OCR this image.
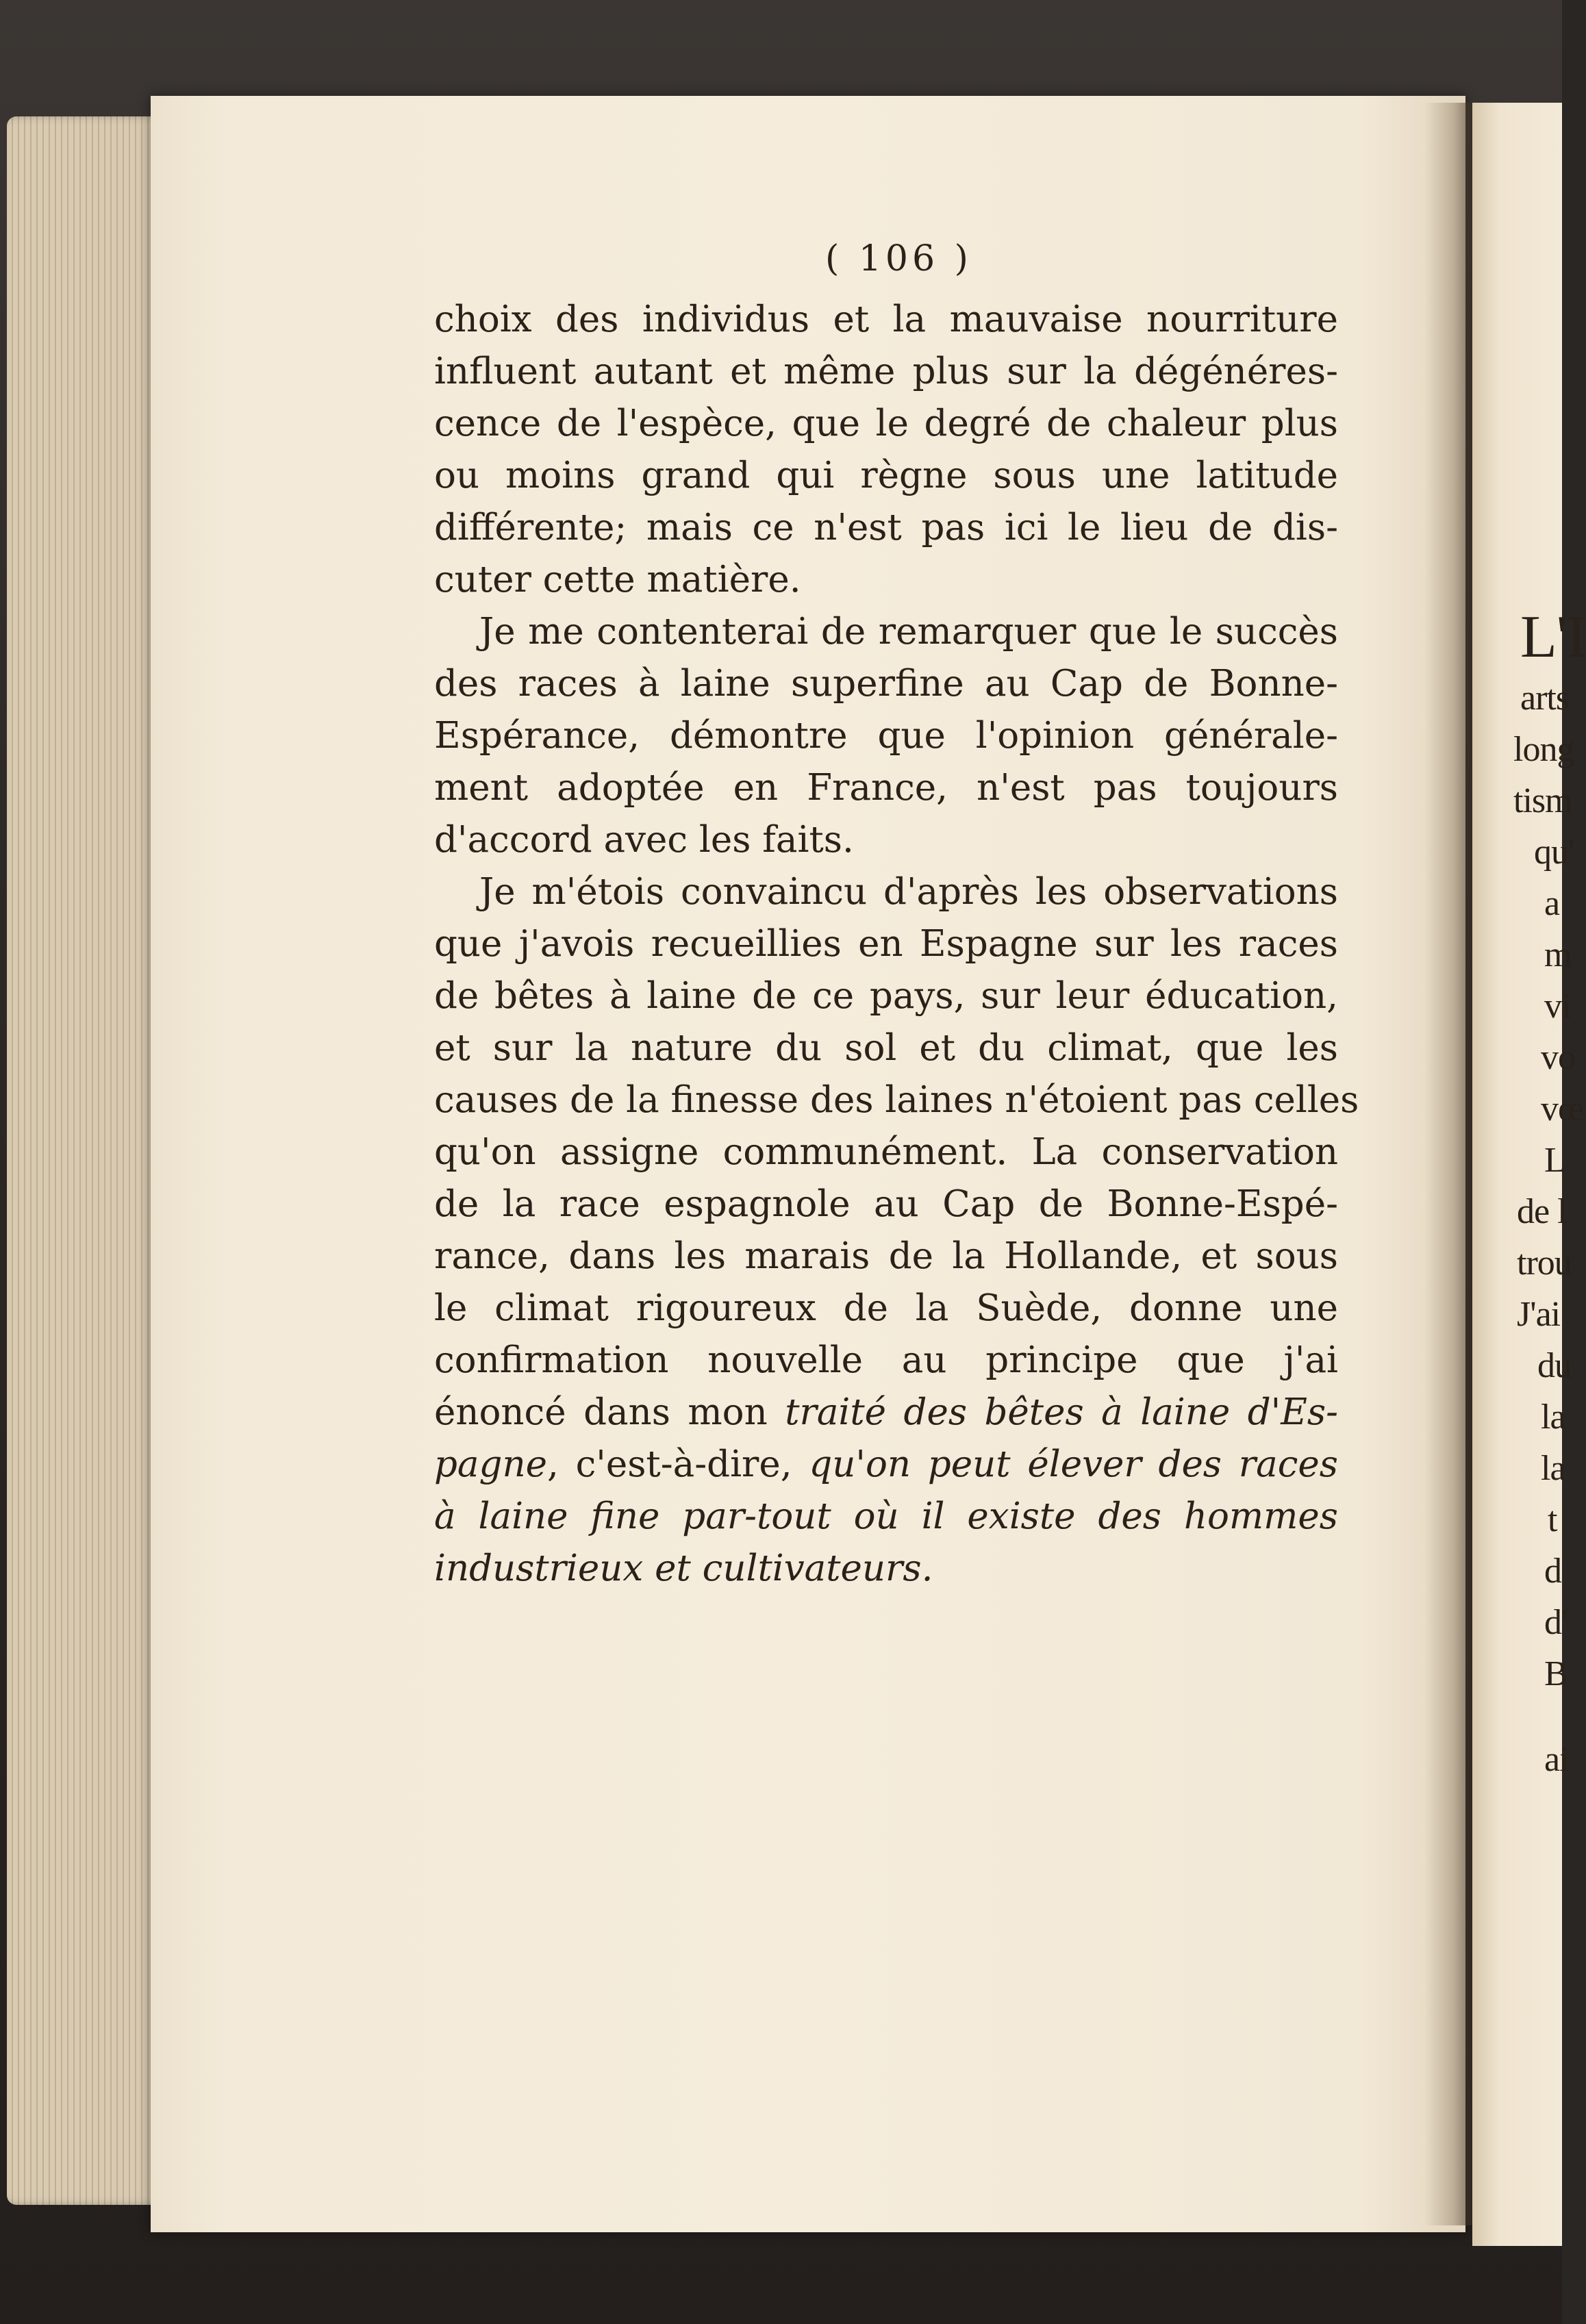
L'I
arts
long
tism
qu'
a
m
vi
vo
vœ
L
de l
trou
J'ai
du
la
la
t
d
d'
B
ai
( 106 )
choix des individus et la mauvaise nourriture
influent autant et même plus sur la dégénéres-
cence de l'espèce, que le degré de chaleur plus
ou moins grand qui règne sous une latitude
différente; mais ce n'est pas ici le lieu de dis-
cuter cette matière.
Je me contenterai de remarquer que le succès
des races à laine superfine au Cap de Bonne-
Espérance, démontre que l'opinion générale-
ment adoptée en France, n'est pas toujours
d'accord avec les faits.
Je m'étois convaincu d'après les observations
que j'avois recueillies en Espagne sur les races
de bêtes à laine de ce pays, sur leur éducation,
et sur la nature du sol et du climat, que les
causes de la finesse des laines n'étoient pas celles
qu'on assigne communément. La conservation
de la race espagnole au Cap de Bonne-Espé-
rance, dans les marais de la Hollande, et sous
le climat rigoureux de la Suède, donne une
confirmation nouvelle au principe que j'ai
énoncé dans mon traité des bêtes à laine d'Es-
pagne, c'est-à-dire, qu'on peut élever des races
à laine fine par-tout où il existe des hommes
industrieux et cultivateurs.
